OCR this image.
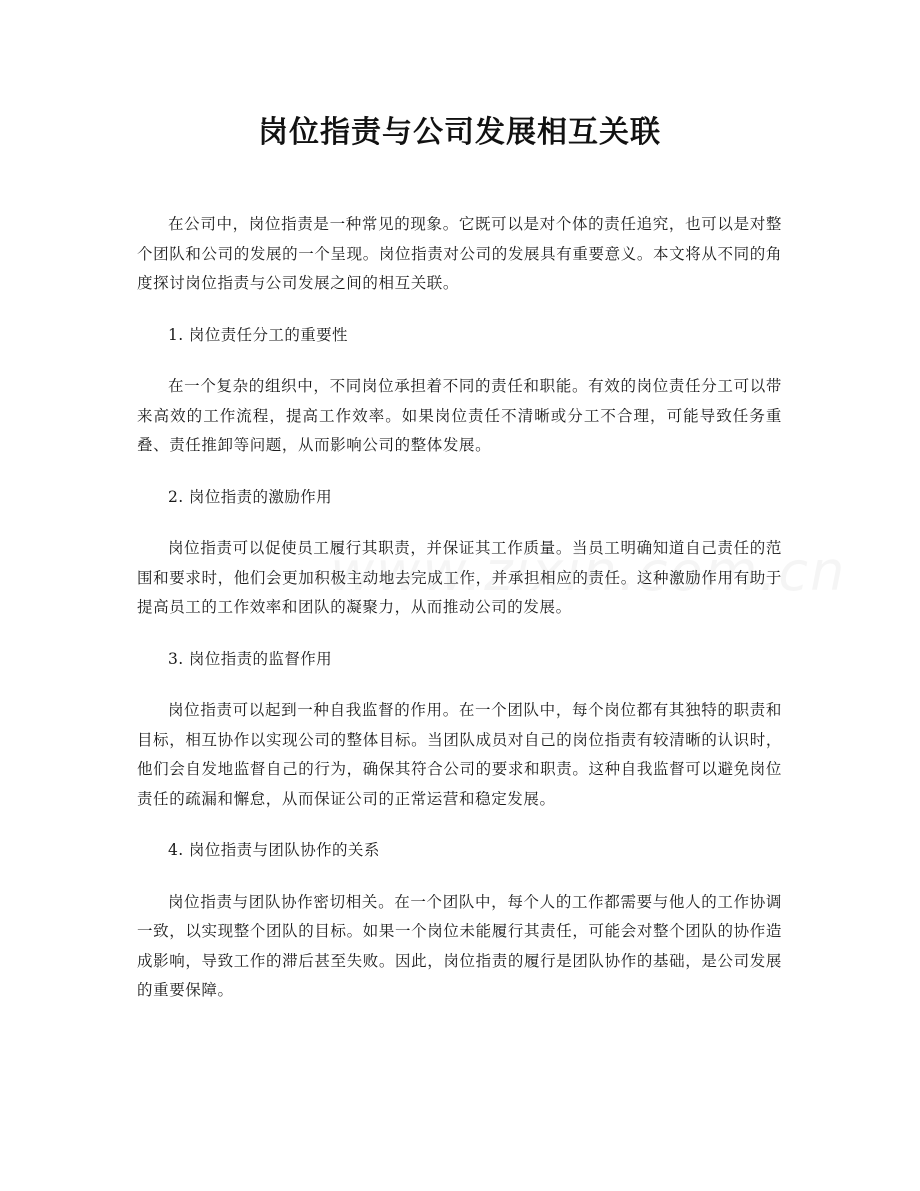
岗位指责与公司发展相互关联

在公司中，岗位指责是一种常见的现象。它既可以是对个体的责任追究，也可以是对整个团队和公司的发展的一个呈现。岗位指责对公司的发展具有重要意义。本文将从不同的角度探讨岗位指责与公司发展之间的相互关联。

1. 岗位责任分工的重要性

在一个复杂的组织中，不同岗位承担着不同的责任和职能。有效的岗位责任分工可以带来高效的工作流程，提高工作效率。如果岗位责任不清晰或分工不合理，可能导致任务重叠、责任推卸等问题，从而影响公司的整体发展。

2. 岗位指责的激励作用

岗位指责可以促使员工履行其职责，并保证其工作质量。当员工明确知道自己责任的范围和要求时，他们会更加积极主动地去完成工作，并承担相应的责任。这种激励作用有助于提高员工的工作效率和团队的凝聚力，从而推动公司的发展。

3. 岗位指责的监督作用

岗位指责可以起到一种自我监督的作用。在一个团队中，每个岗位都有其独特的职责和目标，相互协作以实现公司的整体目标。当团队成员对自己的岗位指责有较清晰的认识时，他们会自发地监督自己的行为，确保其符合公司的要求和职责。这种自我监督可以避免岗位责任的疏漏和懈怠，从而保证公司的正常运营和稳定发展。

4. 岗位指责与团队协作的关系

岗位指责与团队协作密切相关。在一个团队中，每个人的工作都需要与他人的工作协调一致，以实现整个团队的目标。如果一个岗位未能履行其责任，可能会对整个团队的协作造成影响，导致工作的滞后甚至失败。因此，岗位指责的履行是团队协作的基础，是公司发展的重要保障。
